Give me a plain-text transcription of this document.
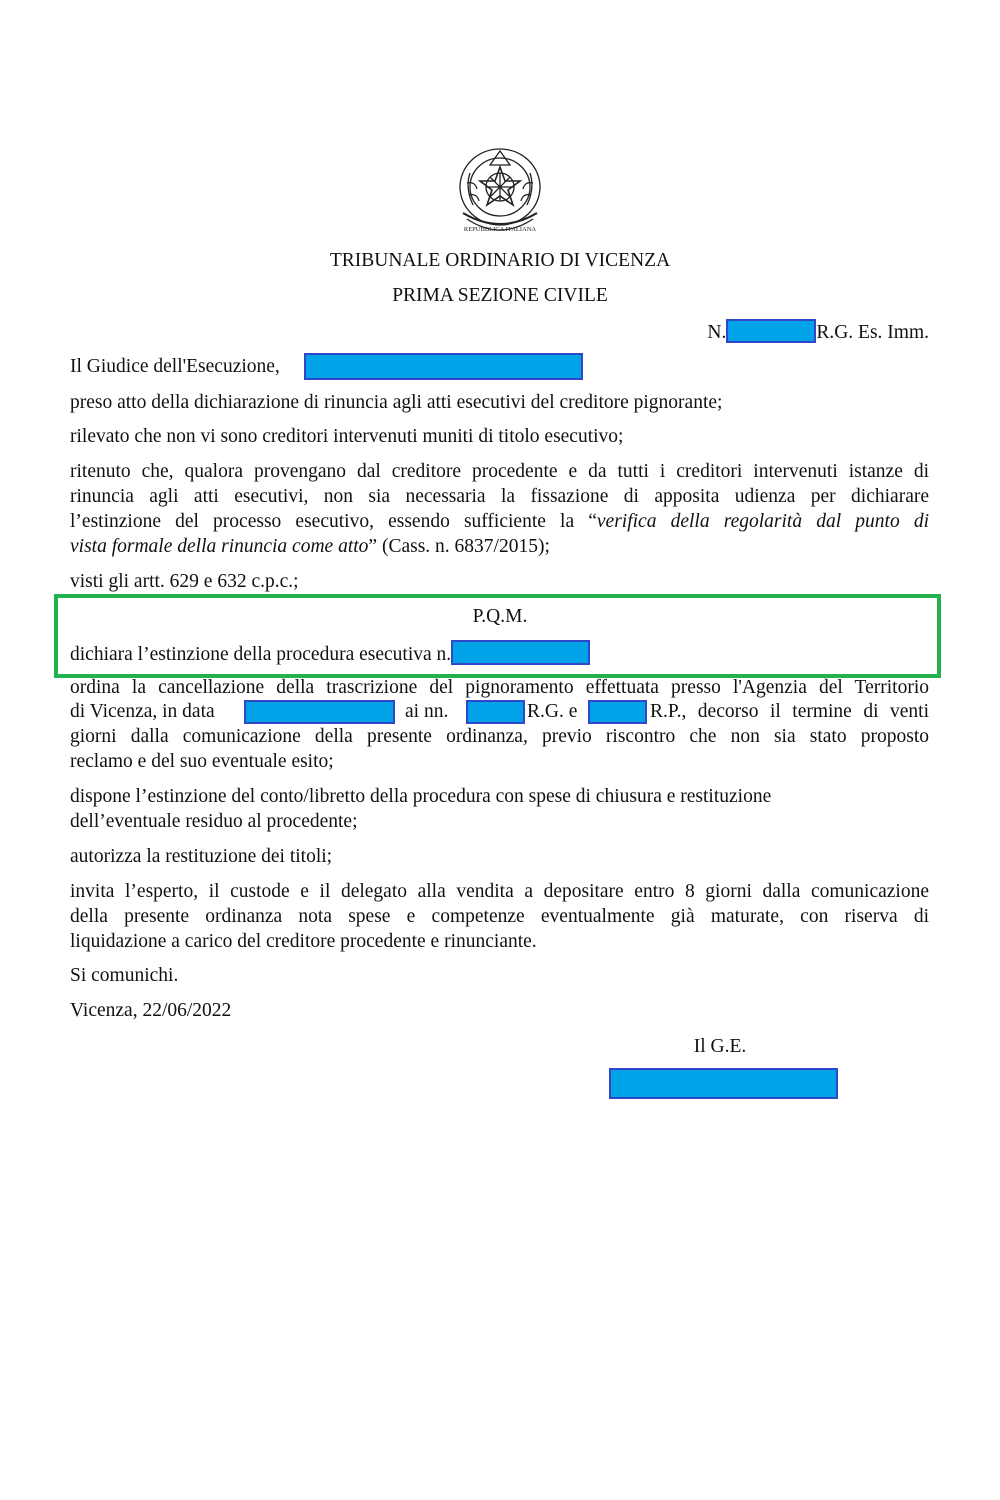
REPUBBLICA ITALIANA
TRIBUNALE ORDINARIO DI VICENZA
PRIMA SEZIONE CIVILE
N.	R.G. Es. Imm.
Il Giudice dell'Esecuzione,
preso atto della dichiarazione di rinuncia agli atti esecutivi del creditore pignorante;
rilevato che non vi sono creditori intervenuti muniti di titolo esecutivo;
ritenuto che, qualora provengano dal creditore procedente e da tutti i creditori intervenuti istanze di
rinuncia agli atti esecutivi, non sia necessaria la fissazione di apposita udienza per dichiarare
l’estinzione del processo esecutivo, essendo sufficiente la “verifica della regolarità dal punto di
vista formale della rinuncia come atto” (Cass. n. 6837/2015);
visti gli artt. 629 e 632 c.p.c.;
P.Q.M.
dichiara l’estinzione della procedura esecutiva n.
ordina la cancellazione della trascrizione del pignoramento effettuata presso l'Agenzia del Territorio
di Vicenza, in data	ai nn.	R.G. e	R.P., decorso il termine di venti
giorni dalla comunicazione della presente ordinanza, previo riscontro che non sia stato proposto
reclamo e del suo eventuale esito;
dispone l’estinzione del conto/libretto della procedura con spese di chiusura e restituzione
dell’eventuale residuo al procedente;
autorizza la restituzione dei titoli;
invita l’esperto, il custode e il delegato alla vendita a depositare entro 8 giorni dalla comunicazione
della presente ordinanza nota spese e competenze eventualmente già maturate, con riserva di
liquidazione a carico del creditore procedente e rinunciante.
Si comunichi.
Vicenza, 22/06/2022
Il G.E.
